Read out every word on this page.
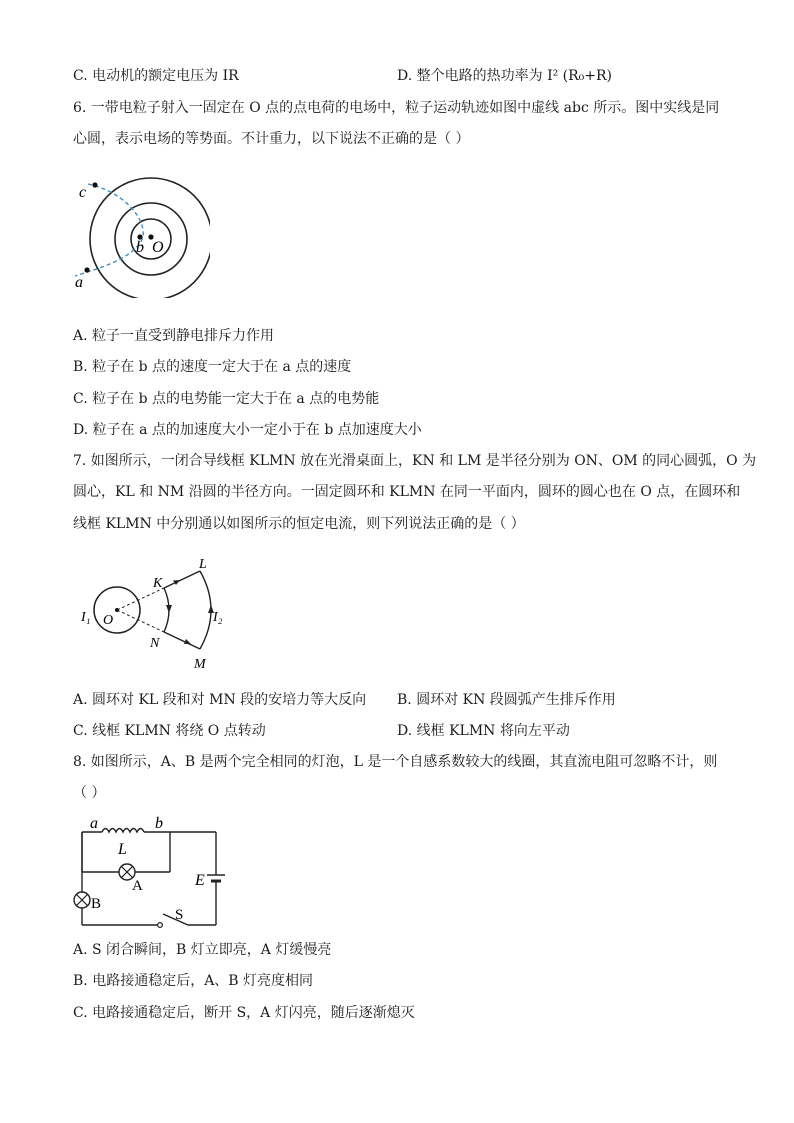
C. 电动机的额定电压为 IR	D. 整个电路的热功率为 I² (R₀+R)
6. 一带电粒子射入一固定在 O 点的点电荷的电场中，粒子运动轨迹如图中虚线 abc 所示。图中实线是同
心圆，表示电场的等势面。不计重力，以下说法不正确的是（ ）
c
a
b O
A. 粒子一直受到静电排斥力作用
B. 粒子在 b 点的速度一定大于在 a 点的速度
C. 粒子在 b 点的电势能一定大于在 a 点的电势能
D. 粒子在 a 点的加速度大小一定小于在 b 点加速度大小
7. 如图所示，一闭合导线框 KLMN 放在光滑桌面上，KN 和 LM 是半径分别为 ON、OM 的同心圆弧，O 为
圆心，KL 和 NM 沿圆的半径方向。一固定圆环和 KLMN 在同一平面内，圆环的圆心也在 O 点，在圆环和
线框 KLMN 中分别通以如图所示的恒定电流，则下列说法正确的是（ ）
K
L
M
N
O
I₁	I₂
A. 圆环对 KL 段和对 MN 段的安培力等大反向 B. 圆环对 KN 段圆弧产生排斥作用
C. 线框 KLMN 将绕 O 点转动	D. 线框 KLMN 将向左平动
8. 如图所示，A、B 是两个完全相同的灯泡，L 是一个自感系数较大的线圈，其直流电阻可忽略不计，则
（ ）
a	b
L
A
B
E
S
A. S 闭合瞬间，B 灯立即亮，A 灯缓慢亮
B. 电路接通稳定后，A、B 灯亮度相同
C. 电路接通稳定后，断开 S，A 灯闪亮，随后逐渐熄灭
